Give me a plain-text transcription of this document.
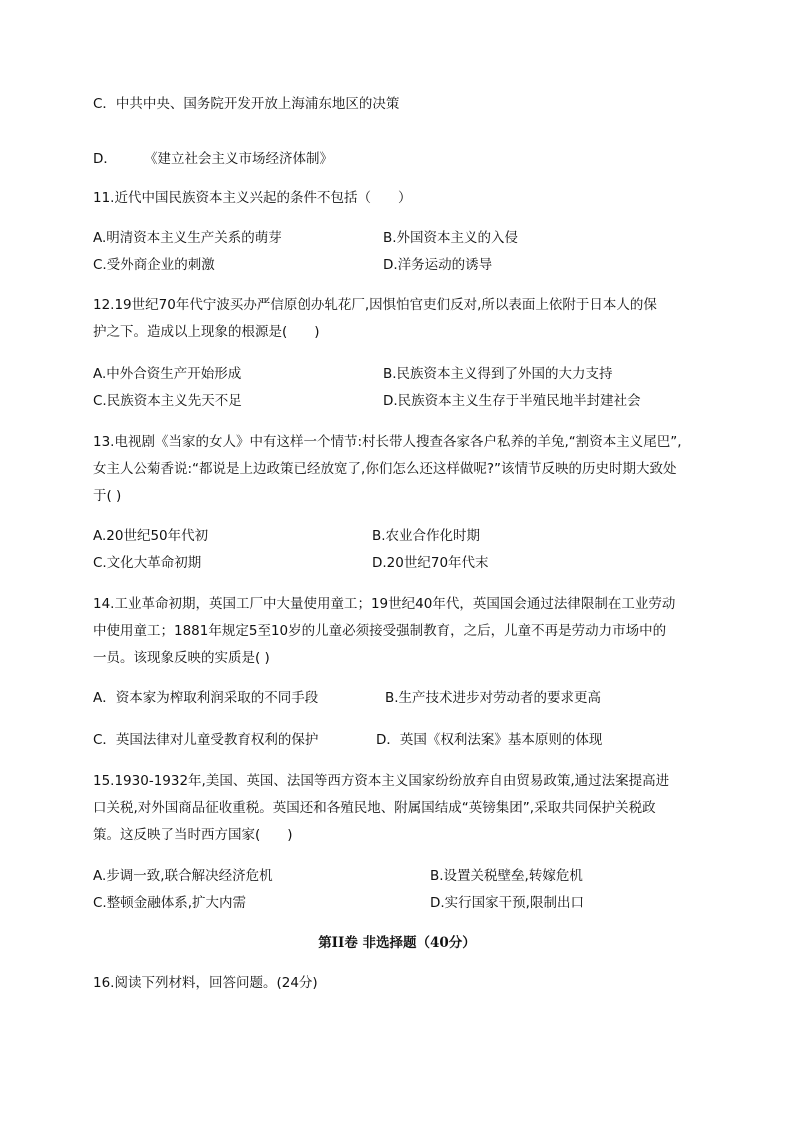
C．中共中央、国务院开发开放上海浦东地区的决策
D． 《建立社会主义市场经济体制》
11.近代中国民族资本主义兴起的条件不包括（　　）
A.明清资本主义生产关系的萌芽	B.外国资本主义的入侵
C.受外商企业的刺激	D.洋务运动的诱导
12.19世纪70年代宁波买办严信原创办轧花厂,因惧怕官吏们反对,所以表面上依附于日本人的保
护之下。造成以上现象的根源是(　　)
A.中外合资生产开始形成	B.民族资本主义得到了外国的大力支持
C.民族资本主义先天不足	D.民族资本主义生存于半殖民地半封建社会
13.电视剧《当家的女人》中有这样一个情节:村长带人搜查各家各户私养的羊兔,“割资本主义尾巴”,
女主人公菊香说:“都说是上边政策已经放宽了,你们怎么还这样做呢?”该情节反映的历史时期大致处
于( )
A.20世纪50年代初	B.农业合作化时期
C.文化大革命初期	D.20世纪70年代末
14.工业革命初期，英国工厂中大量使用童工；19世纪40年代，英国国会通过法律限制在工业劳动
中使用童工；1881年规定5至10岁的儿童必须接受强制教育，之后，儿童不再是劳动力市场中的
一员。该现象反映的实质是( )
A．资本家为榨取利润采取的不同手段	B.生产技术进步对劳动者的要求更高
C．英国法律对儿童受教育权利的保护	D．英国《权利法案》基本原则的体现
15.1930-1932年,美国、英国、法国等西方资本主义国家纷纷放弃自由贸易政策,通过法案提高进
口关税,对外国商品征收重税。英国还和各殖民地、附属国结成“英镑集团”,采取共同保护关税政
策。这反映了当时西方国家(　　)
A.步调一致,联合解决经济危机	B.设置关税壁垒,转嫁危机
C.整顿金融体系,扩大内需	D.实行国家干预,限制出口
第II卷 非选择题（40分）
16.阅读下列材料，回答问题。(24分)
